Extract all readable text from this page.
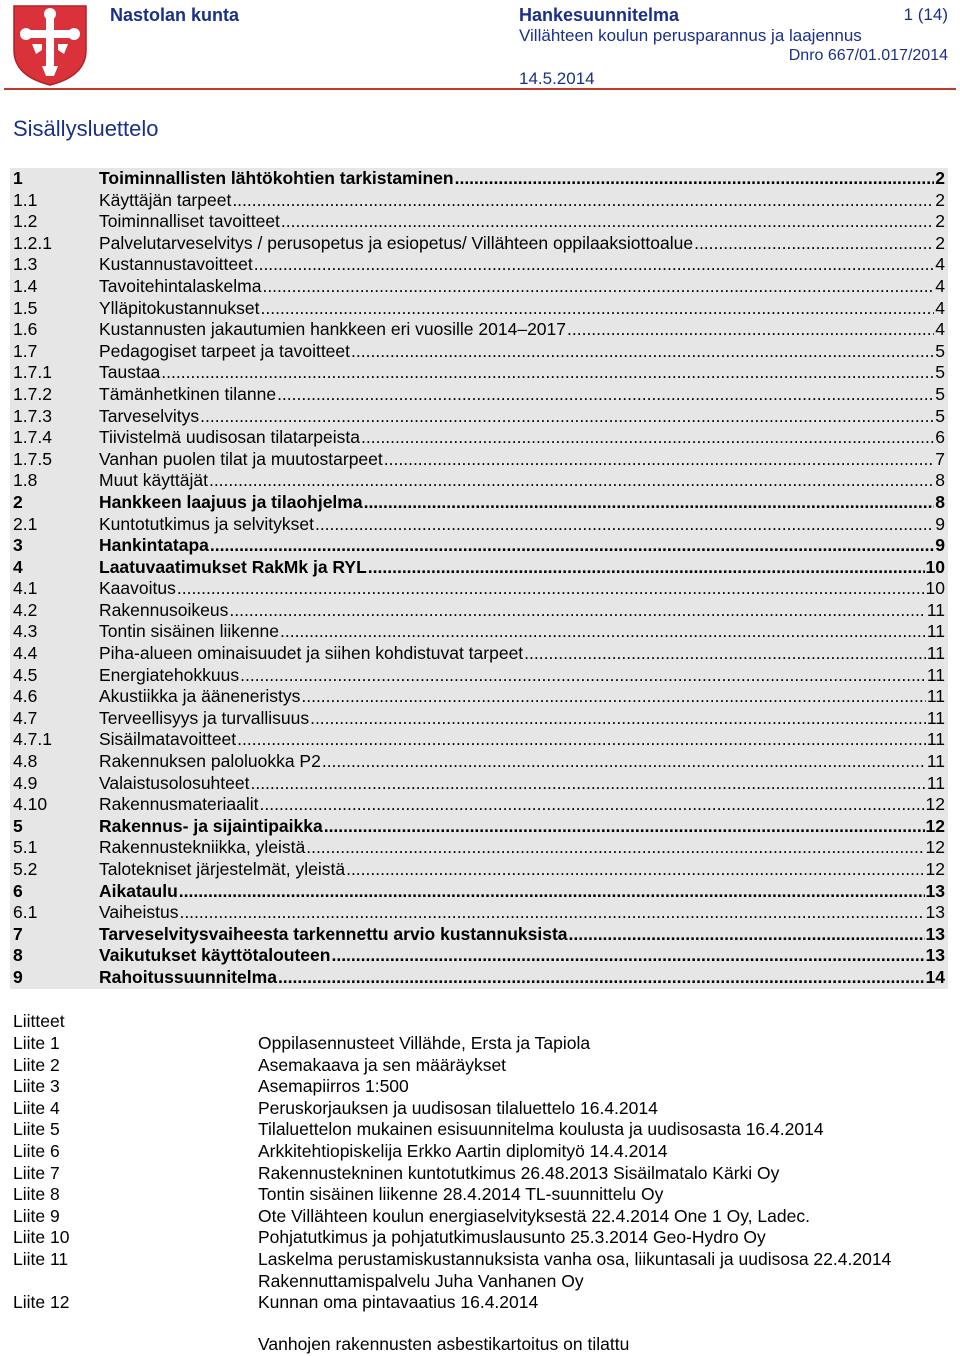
Nastolan kunta	Hankesuunnitelma
Villähteen koulun perusparannus ja laajennus
1 (14)
Dnro 667/01.017/2014
14.5.2014
Sisällysluettelo
1	Toiminnallisten lähtökohtien tarkistaminen .....	2
1.1	Käyttäjän tarpeet .....	2
1.2	Toiminnalliset tavoitteet .....	2
1.2.1	Palvelutarveselvitys / perusopetus ja esiopetus/ Villähteen oppilaaksiottoalue .....	2
1.3	Kustannustavoitteet .....	4
1.4	Tavoitehintalaskelma .....	4
1.5	Ylläpitokustannukset .....	4
1.6	Kustannusten jakautumien hankkeen eri vuosille 2014–2017 .....	4
1.7	Pedagogiset tarpeet ja tavoitteet .....	5
1.7.1	Taustaa .....	5
1.7.2	Tämänhetkinen tilanne .....	5
1.7.3	Tarveselvitys .....	5
1.7.4	Tiivistelmä uudisosan tilatarpeista .....	6
1.7.5	Vanhan puolen tilat ja muutostarpeet .....	7
1.8	Muut käyttäjät .....	8
2	Hankkeen laajuus ja tilaohjelma .....	8
2.1	Kuntotutkimus ja selvitykset .....	9
3	Hankintatapa .....	9
4	Laatuvaatimukset RakMk ja RYL .....	10
4.1	Kaavoitus .....	10
4.2	Rakennusoikeus .....	11
4.3	Tontin sisäinen liikenne .....	11
4.4	Piha-alueen ominaisuudet ja siihen kohdistuvat tarpeet .....	11
4.5	Energiatehokkuus .....	11
4.6	Akustiikka ja ääneneristys .....	11
4.7	Terveellisyys ja turvallisuus .....	11
4.7.1	Sisäilmatavoitteet .....	11
4.8	Rakennuksen paloluokka P2 .....	11
4.9	Valaistusolosuhteet .....	11
4.10	Rakennusmateriaalit .....	12
5	Rakennus- ja sijaintipaikka .....	12
5.1	Rakennustekniikka, yleistä .....	12
5.2	Talotekniset järjestelmät, yleistä .....	12
6	Aikataulu .....	13
6.1	Vaiheistus .....	13
7	Tarveselvitysvaiheesta tarkennettu arvio kustannuksista .....	13
8	Vaikutukset käyttötalouteen .....	13
9	Rahoitussuunnitelma .....	14
Liitteet
Liite 1	Oppilasennusteet Villähde, Ersta ja Tapiola
Liite 2	Asemakaava ja sen määräykset
Liite 3	Asemapiirros 1:500
Liite 4	Peruskorjauksen ja uudisosan tilaluettelo 16.4.2014
Liite 5	Tilaluettelon mukainen esisuunnitelma koulusta ja uudisosasta 16.4.2014
Liite 6	Arkkitehtiopiskelija Erkko Aartin diplomityö 14.4.2014
Liite 7	Rakennustekninen kuntotutkimus 26.48.2013 Sisäilmatalo Kärki Oy
Liite 8	Tontin sisäinen liikenne 28.4.2014 TL-suunnittelu Oy
Liite 9	Ote Villähteen koulun energiaselvityksestä 22.4.2014 One 1 Oy, Ladec.
Liite 10	Pohjatutkimus ja pohjatutkimuslausunto 25.3.2014 Geo-Hydro Oy
Liite 11	Laskelma perustamiskustannuksista vanha osa, liikuntasali ja uudisosa 22.4.2014
Rakennuttamispalvelu Juha Vanhanen Oy
Liite 12	Kunnan oma pintavaatius 16.4.2014
Vanhojen rakennusten asbestikartoitus on tilattu
